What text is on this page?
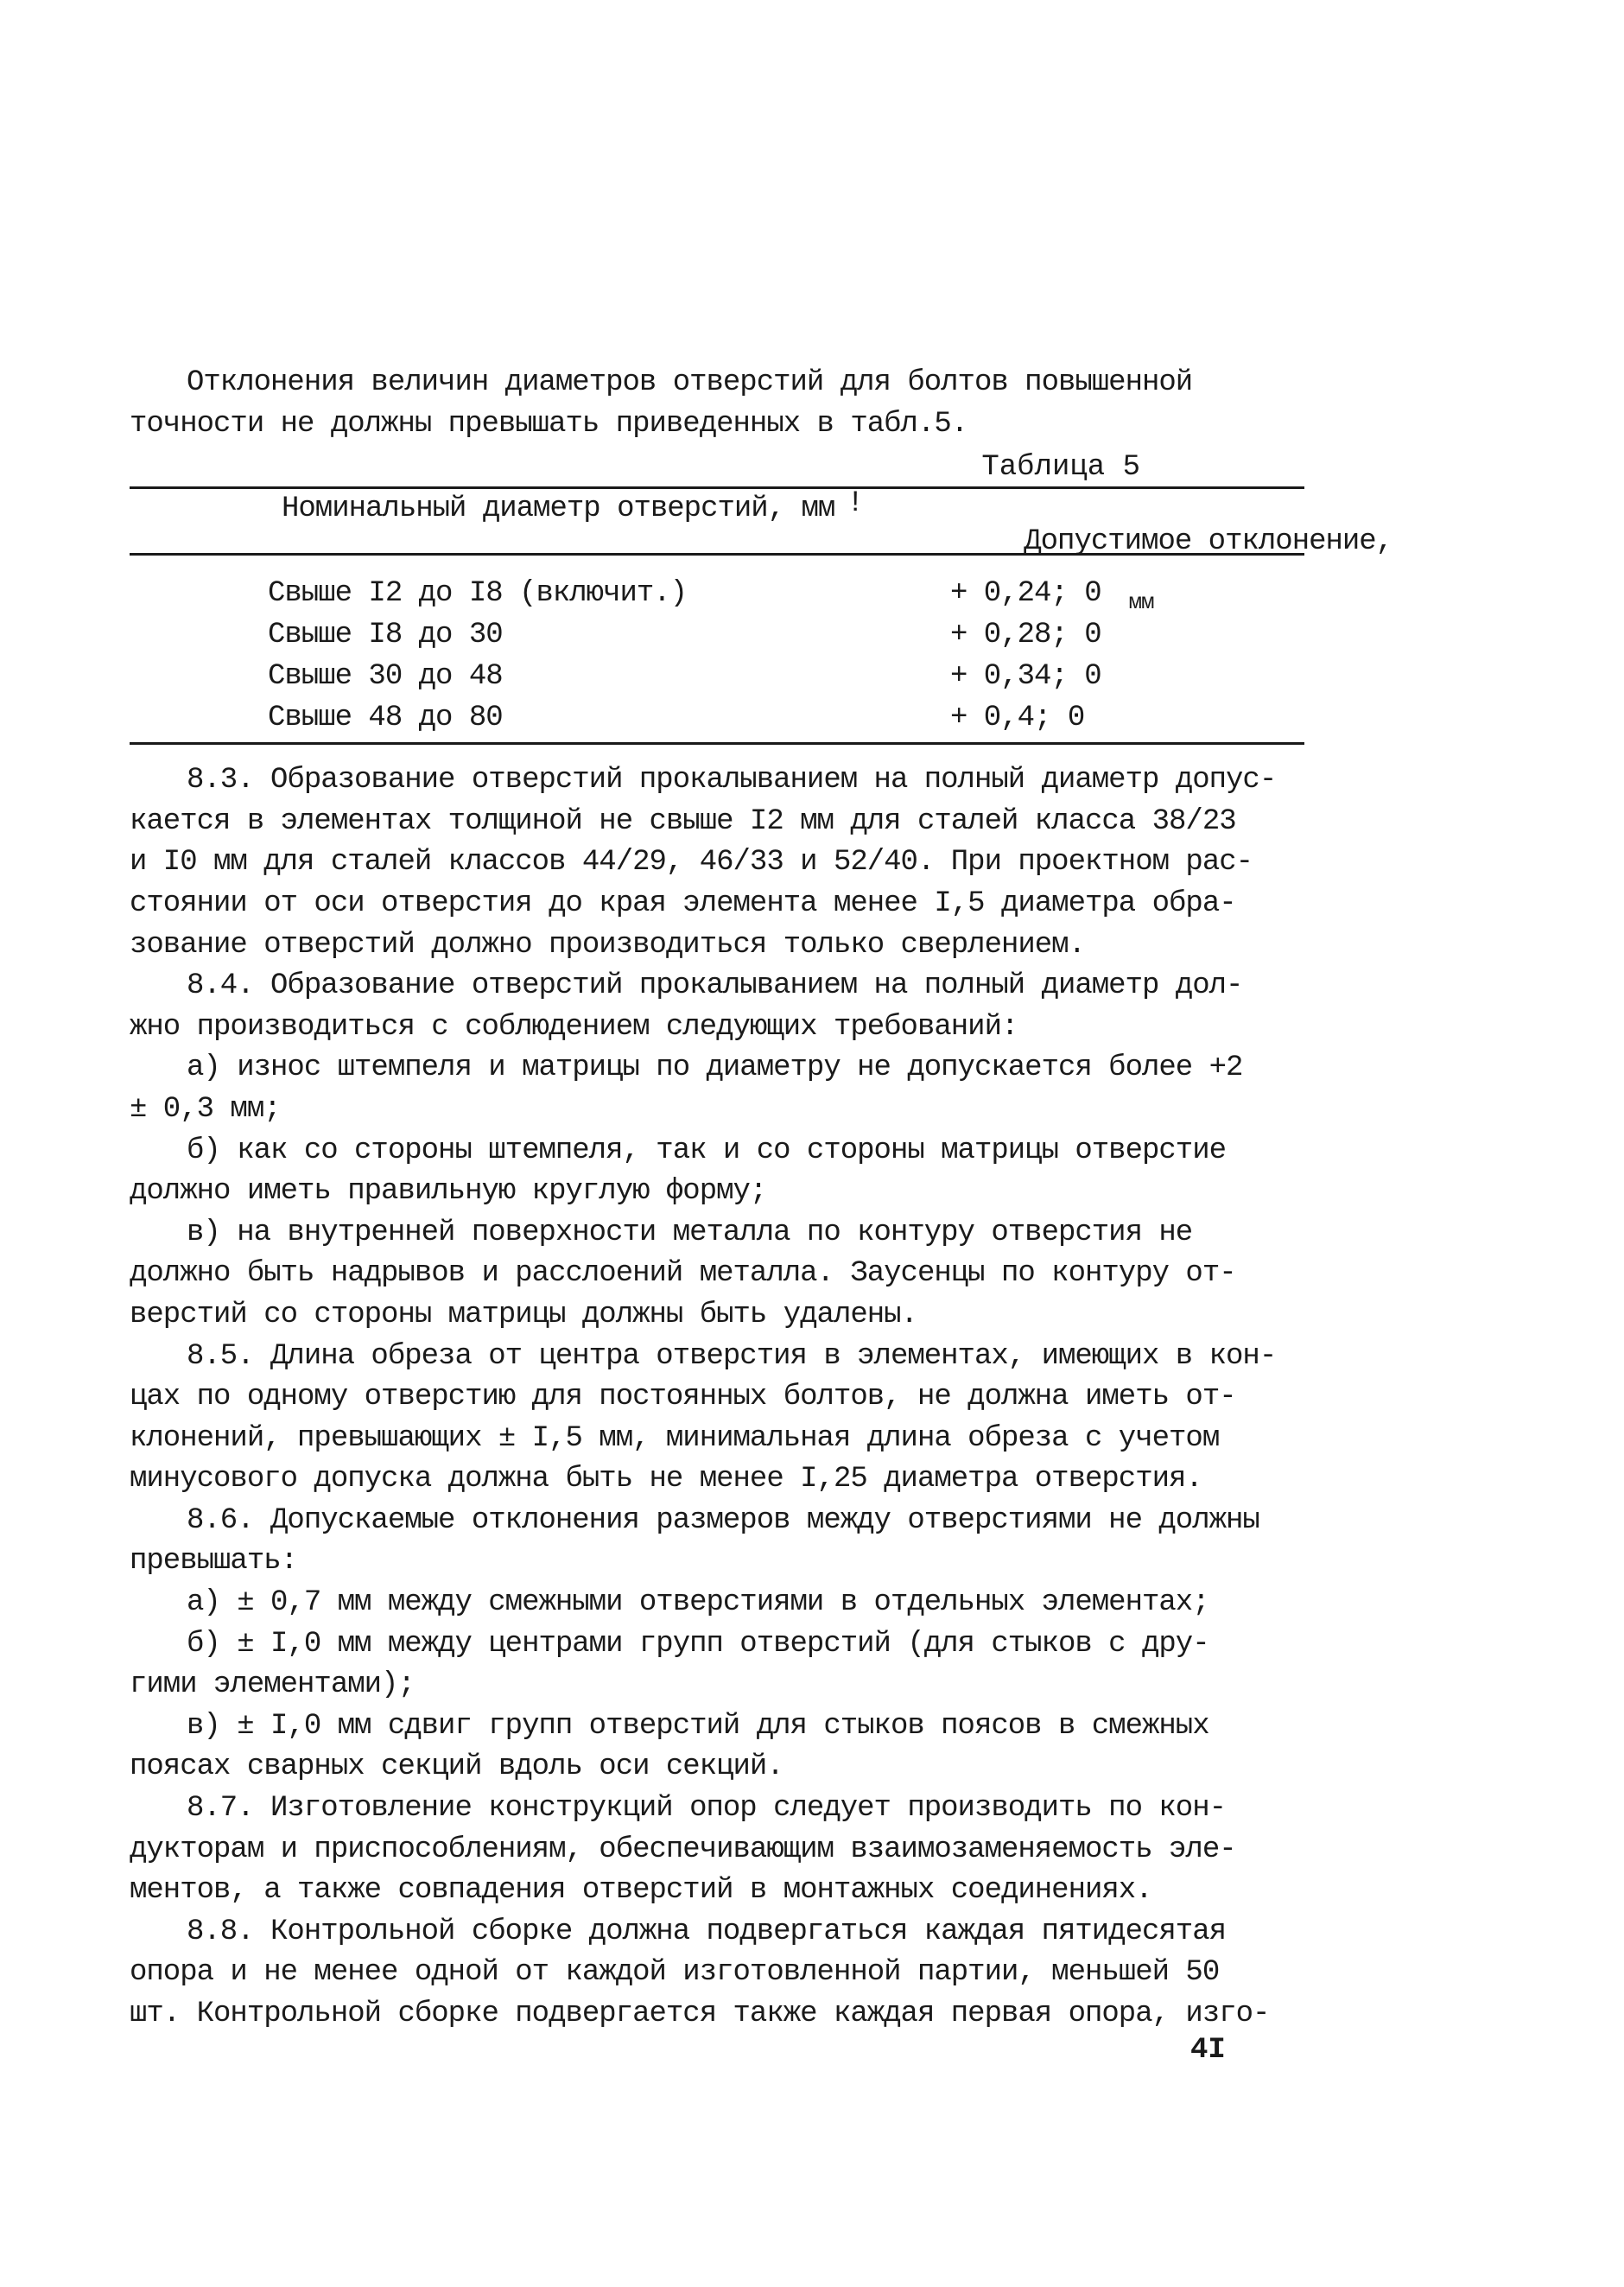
Отклонения величин диаметров отверстий для болтов повышенной
точности не должны превышать приведенных в табл.5.
Таблица 5
Номинальный диаметр отверстий, мм !

Допустимое отклонение,

мм

Свыше I2 до I8 (включит.)	+ 0,24; 0
Свыше I8 до 30	+ 0,28; 0
Свыше 30 до 48	+ 0,34; 0
Свыше 48 до 80	+ 0,4; 0
8.3. Образование отверстий прокалыванием на полный диаметр допус-
кается в элементах толщиной не свыше I2 мм для сталей класса 38/23
и I0 мм для сталей классов 44/29, 46/33 и 52/40. При проектном рас-
стоянии от оси отверстия до края элемента менее I,5 диаметра обра-
зование отверстий должно производиться только сверлением.
8.4. Образование отверстий прокалыванием на полный диаметр дол-
жно производиться с соблюдением следующих требований:
а) износ штемпеля и матрицы по диаметру не допускается более +2
± 0,3 мм;
б) как со стороны штемпеля, так и со стороны матрицы отверстие
должно иметь правильную круглую форму;
в) на внутренней поверхности металла по контуру отверстия не
должно быть надрывов и расслоений металла. Заусенцы по контуру от-
верстий со стороны матрицы должны быть удалены.
8.5. Длина обреза от центра отверстия в элементах, имеющих в кон-
цах по одному отверстию для постоянных болтов, не должна иметь от-
клонений, превышающих ± I,5 мм, минимальная длина обреза с учетом
минусового допуска должна быть не менее I,25 диаметра отверстия.
8.6. Допускаемые отклонения размеров между отверстиями не должны
превышать:
а) ± 0,7 мм между смежными отверстиями в отдельных элементах;
б) ± I,0 мм между центрами групп отверстий (для стыков с дру-
гими элементами);
в) ± I,0 мм сдвиг групп отверстий для стыков поясов в смежных
поясах сварных секций вдоль оси секций.
8.7. Изготовление конструкций опор следует производить по кон-
дукторам и приспособлениям, обеспечивающим взаимозаменяемость эле-
ментов, а также совпадения отверстий в монтажных соединениях.
8.8. Контрольной сборке должна подвергаться каждая пятидесятая
опора и не менее одной от каждой изготовленной партии, меньшей 50
шт. Контрольной сборке подвергается также каждая первая опора, изго-
4I
